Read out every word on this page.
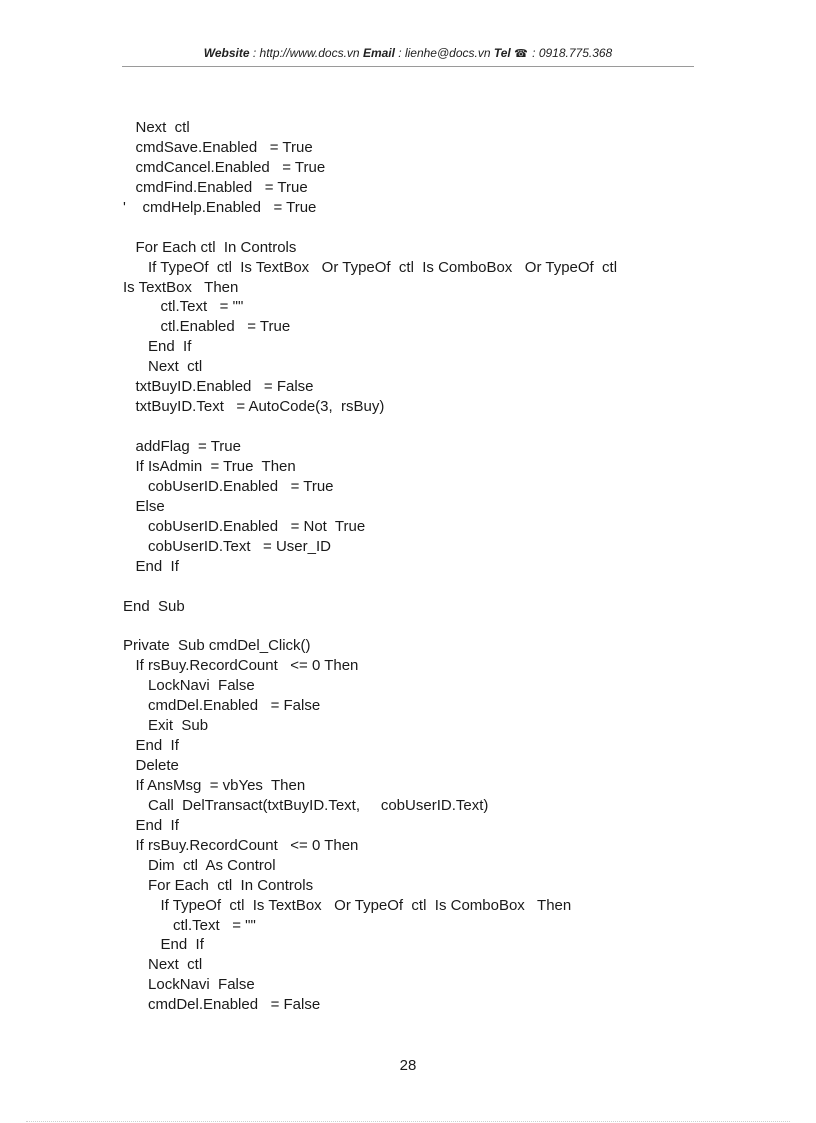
Website : http://www.docs.vn Email : lienhe@docs.vn Tel ☎ : 0918.775.368
Next  ctl
cmdSave.Enabled   = True
cmdCancel.Enabled   = True
cmdFind.Enabled   = True
'    cmdHelp.Enabled   = True
For Each ctl  In Controls
If TypeOf  ctl  Is TextBox   Or TypeOf  ctl  Is ComboBox   Or TypeOf  ctl
Is TextBox   Then
ctl.Text   = ""
ctl.Enabled   = True
End  If
Next  ctl
txtBuyID.Enabled   = False
txtBuyID.Text   = AutoCode(3,  rsBuy)
addFlag  = True
If IsAdmin  = True  Then
cobUserID.Enabled   = True
Else
cobUserID.Enabled   = Not  True
cobUserID.Text   = User_ID
End  If
End  Sub
Private  Sub cmdDel_Click()
If rsBuy.RecordCount   <= 0 Then
LockNavi  False
cmdDel.Enabled   = False
Exit  Sub
End  If
Delete
If AnsMsg  = vbYes  Then
Call  DelTransact(txtBuyID.Text,     cobUserID.Text)
End  If
If rsBuy.RecordCount   <= 0 Then
Dim  ctl  As Control
For Each  ctl  In Controls
If TypeOf  ctl  Is TextBox   Or TypeOf  ctl  Is ComboBox   Then
ctl.Text   = ""
End  If
Next  ctl
LockNavi  False
cmdDel.Enabled   = False
28
